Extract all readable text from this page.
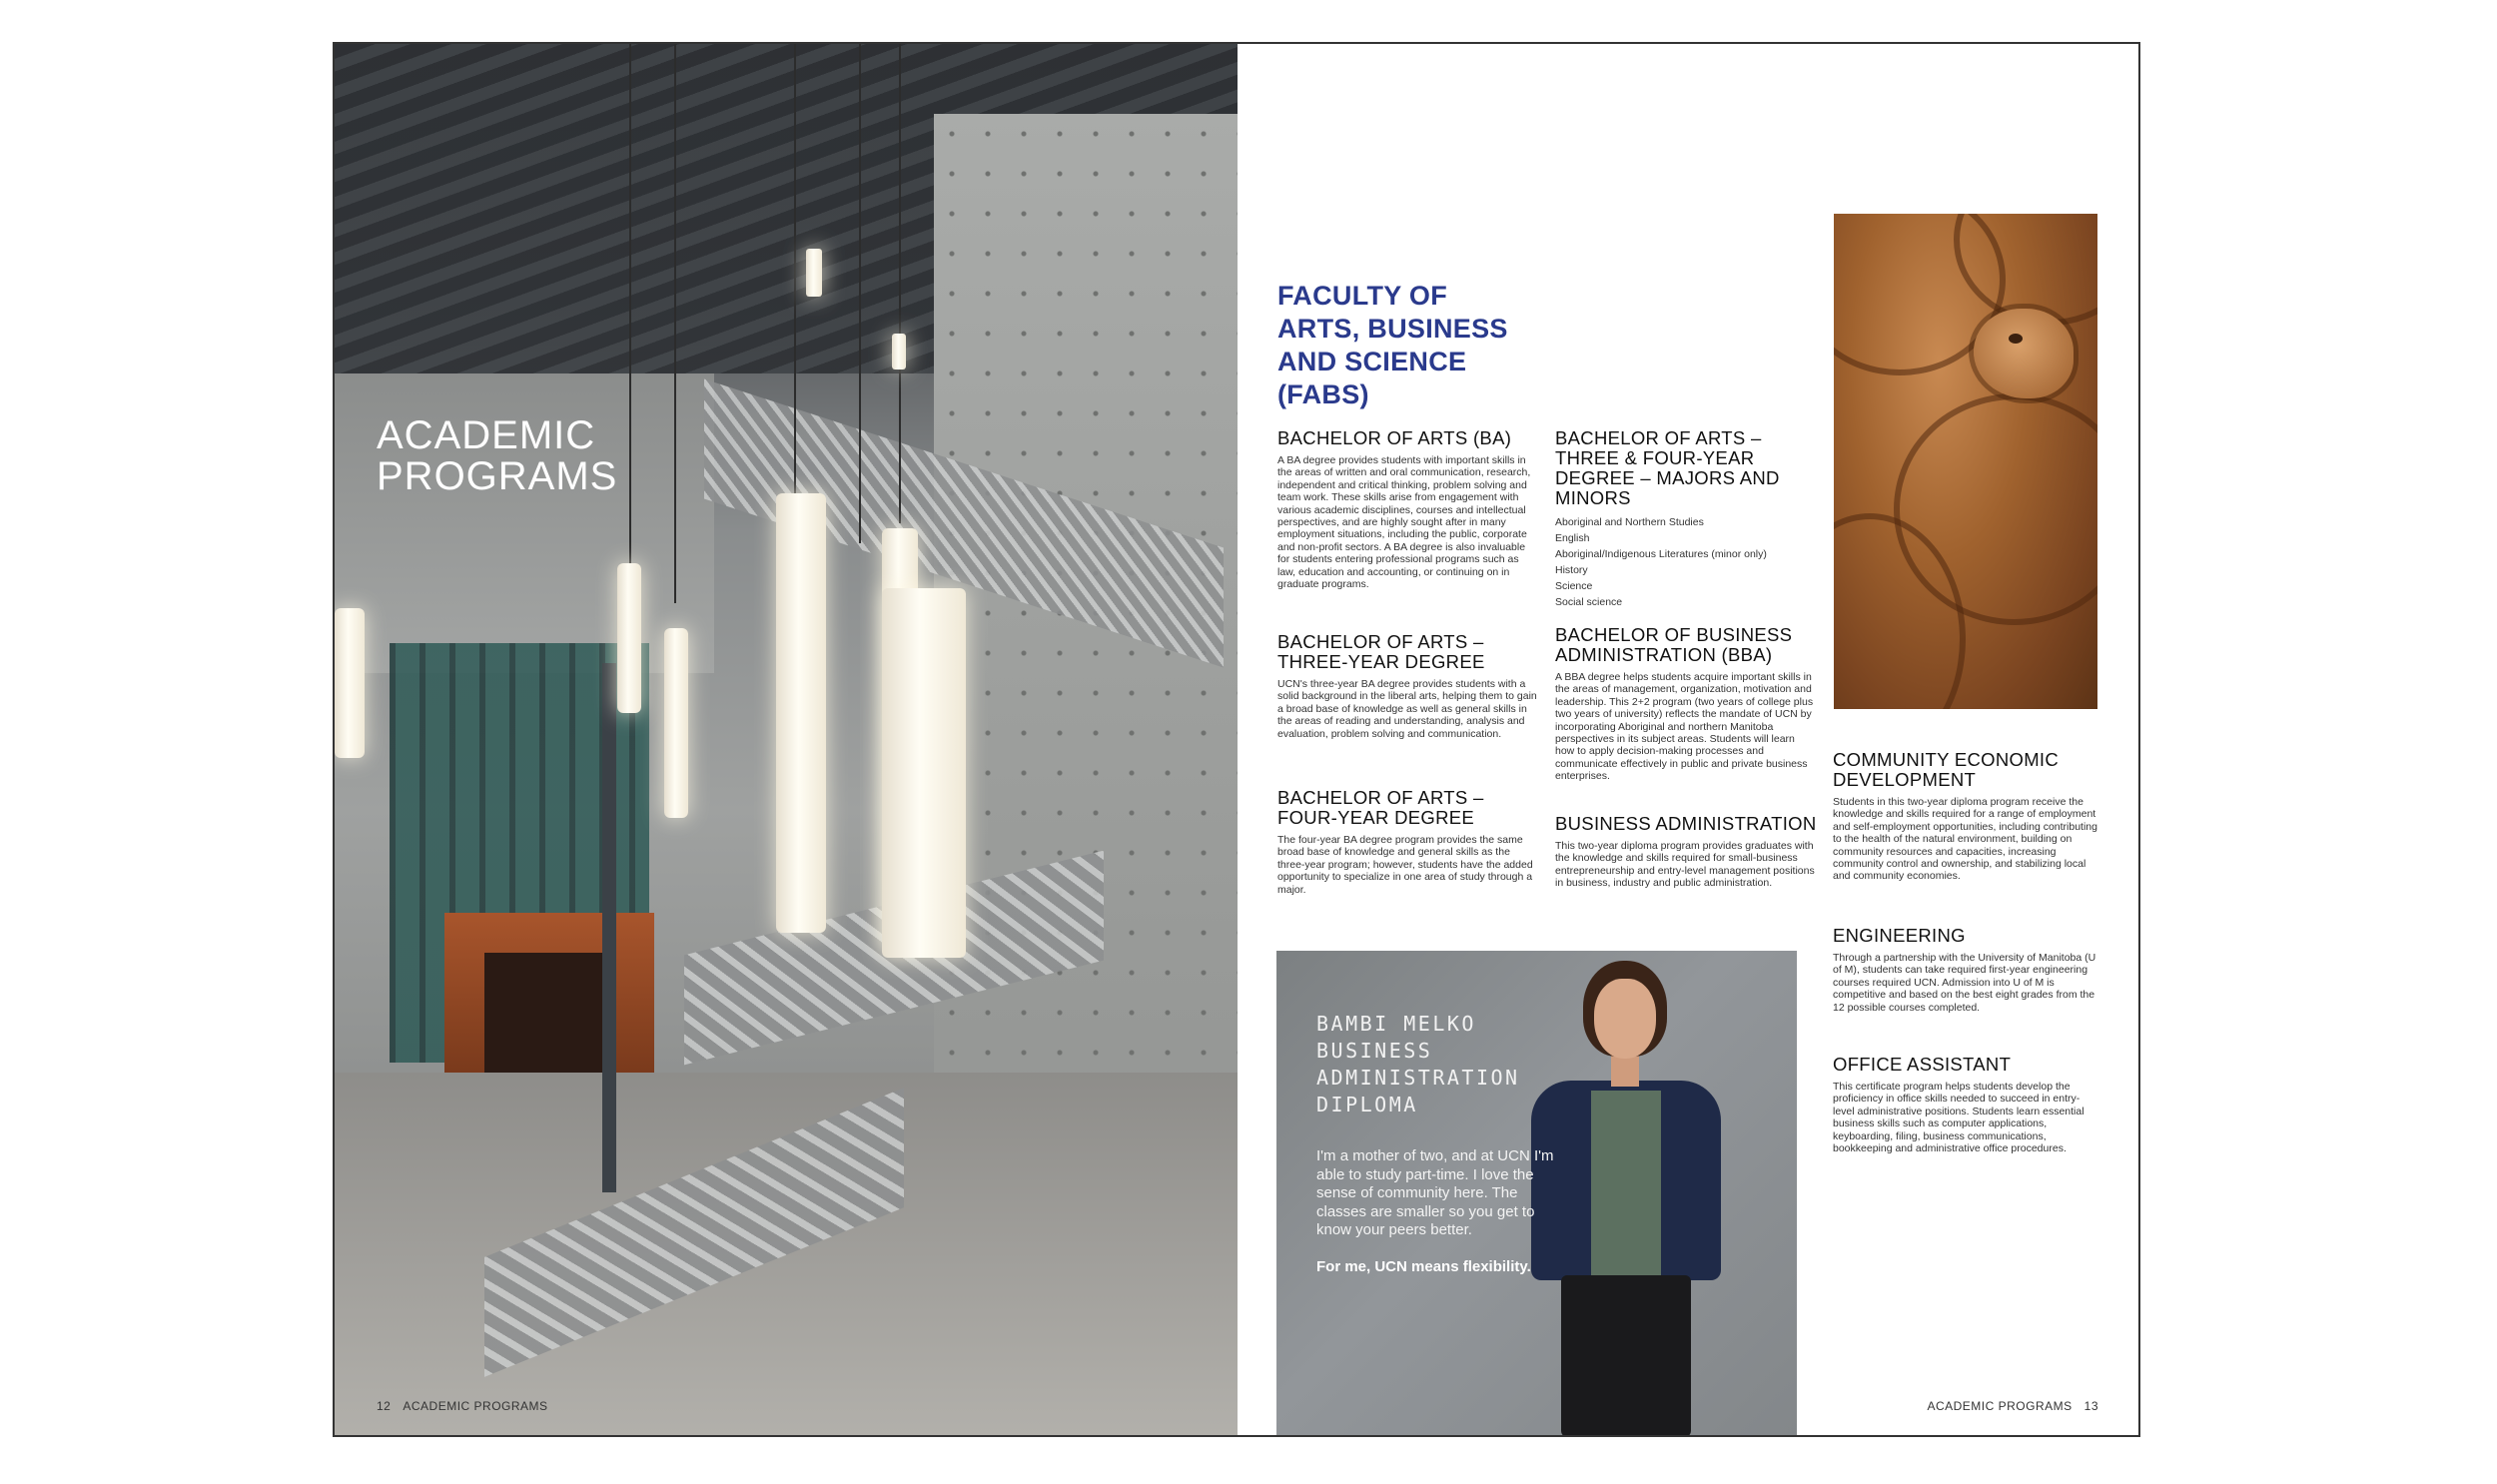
ACADEMIC
PROGRAMS
12 ACADEMIC PROGRAMS
FACULTY OF ARTS, BUSINESS AND SCIENCE (FABS)
BACHELOR OF ARTS (BA)

A BA degree provides students with important skills in the areas of written and oral communication, research, independent and critical thinking, problem solving and team work. These skills arise from engagement with various academic disciplines, courses and intellectual perspectives, and are highly sought after in many employment situations, including the public, corporate and non-profit sectors. A BA degree is also invaluable for students entering professional programs such as law, education and accounting, or continuing on in graduate programs.

BACHELOR OF ARTS – THREE-YEAR DEGREE

UCN's three-year BA degree provides students with a solid background in the liberal arts, helping them to gain a broad base of knowledge as well as general skills in the areas of reading and understanding, analysis and evaluation, problem solving and communication.

BACHELOR OF ARTS – FOUR-YEAR DEGREE

The four-year BA degree program provides the same broad base of knowledge and general skills as the three-year program; however, students have the added opportunity to specialize in one area of study through a major.

BACHELOR OF ARTS – THREE & FOUR-YEAR DEGREE – MAJORS AND MINORS
Aboriginal and Northern Studies
English
Aboriginal/Indigenous Literatures (minor only)
History
Science
Social science
BACHELOR OF BUSINESS ADMINISTRATION (BBA)

A BBA degree helps students acquire important skills in the areas of management, organization, motivation and leadership. This 2+2 program (two years of college plus two years of university) reflects the mandate of UCN by incorporating Aboriginal and northern Manitoba perspectives in its subject areas. Students will learn how to apply decision-making processes and communicate effectively in public and private business enterprises.

BUSINESS ADMINISTRATION

This two-year diploma program provides graduates with the knowledge and skills required for small-business entrepreneurship and entry-level management positions in business, industry and public administration.

COMMUNITY ECONOMIC DEVELOPMENT

Students in this two-year diploma program receive the knowledge and skills required for a range of employment and self-employment opportunities, including contributing to the health of the natural environment, building on community resources and capacities, increasing community control and ownership, and stabilizing local and community economies.

ENGINEERING

Through a partnership with the University of Manitoba (U of M), students can take required first-year engineering courses required UCN. Admission into U of M is competitive and based on the best eight grades from the 12 possible courses completed.

OFFICE ASSISTANT

This certificate program helps students develop the proficiency in office skills needed to succeed in entry-level administrative positions. Students learn essential business skills such as computer applications, keyboarding, filing, business communications, bookkeeping and administrative office procedures.

BAMBI MELKO
BUSINESS
ADMINISTRATION
DIPLOMA

I'm a mother of two, and at UCN I'm able to study part-time. I love the sense of community here. The classes are smaller so you get to know your peers better.

For me, UCN means flexibility.

ACADEMIC PROGRAMS 13
